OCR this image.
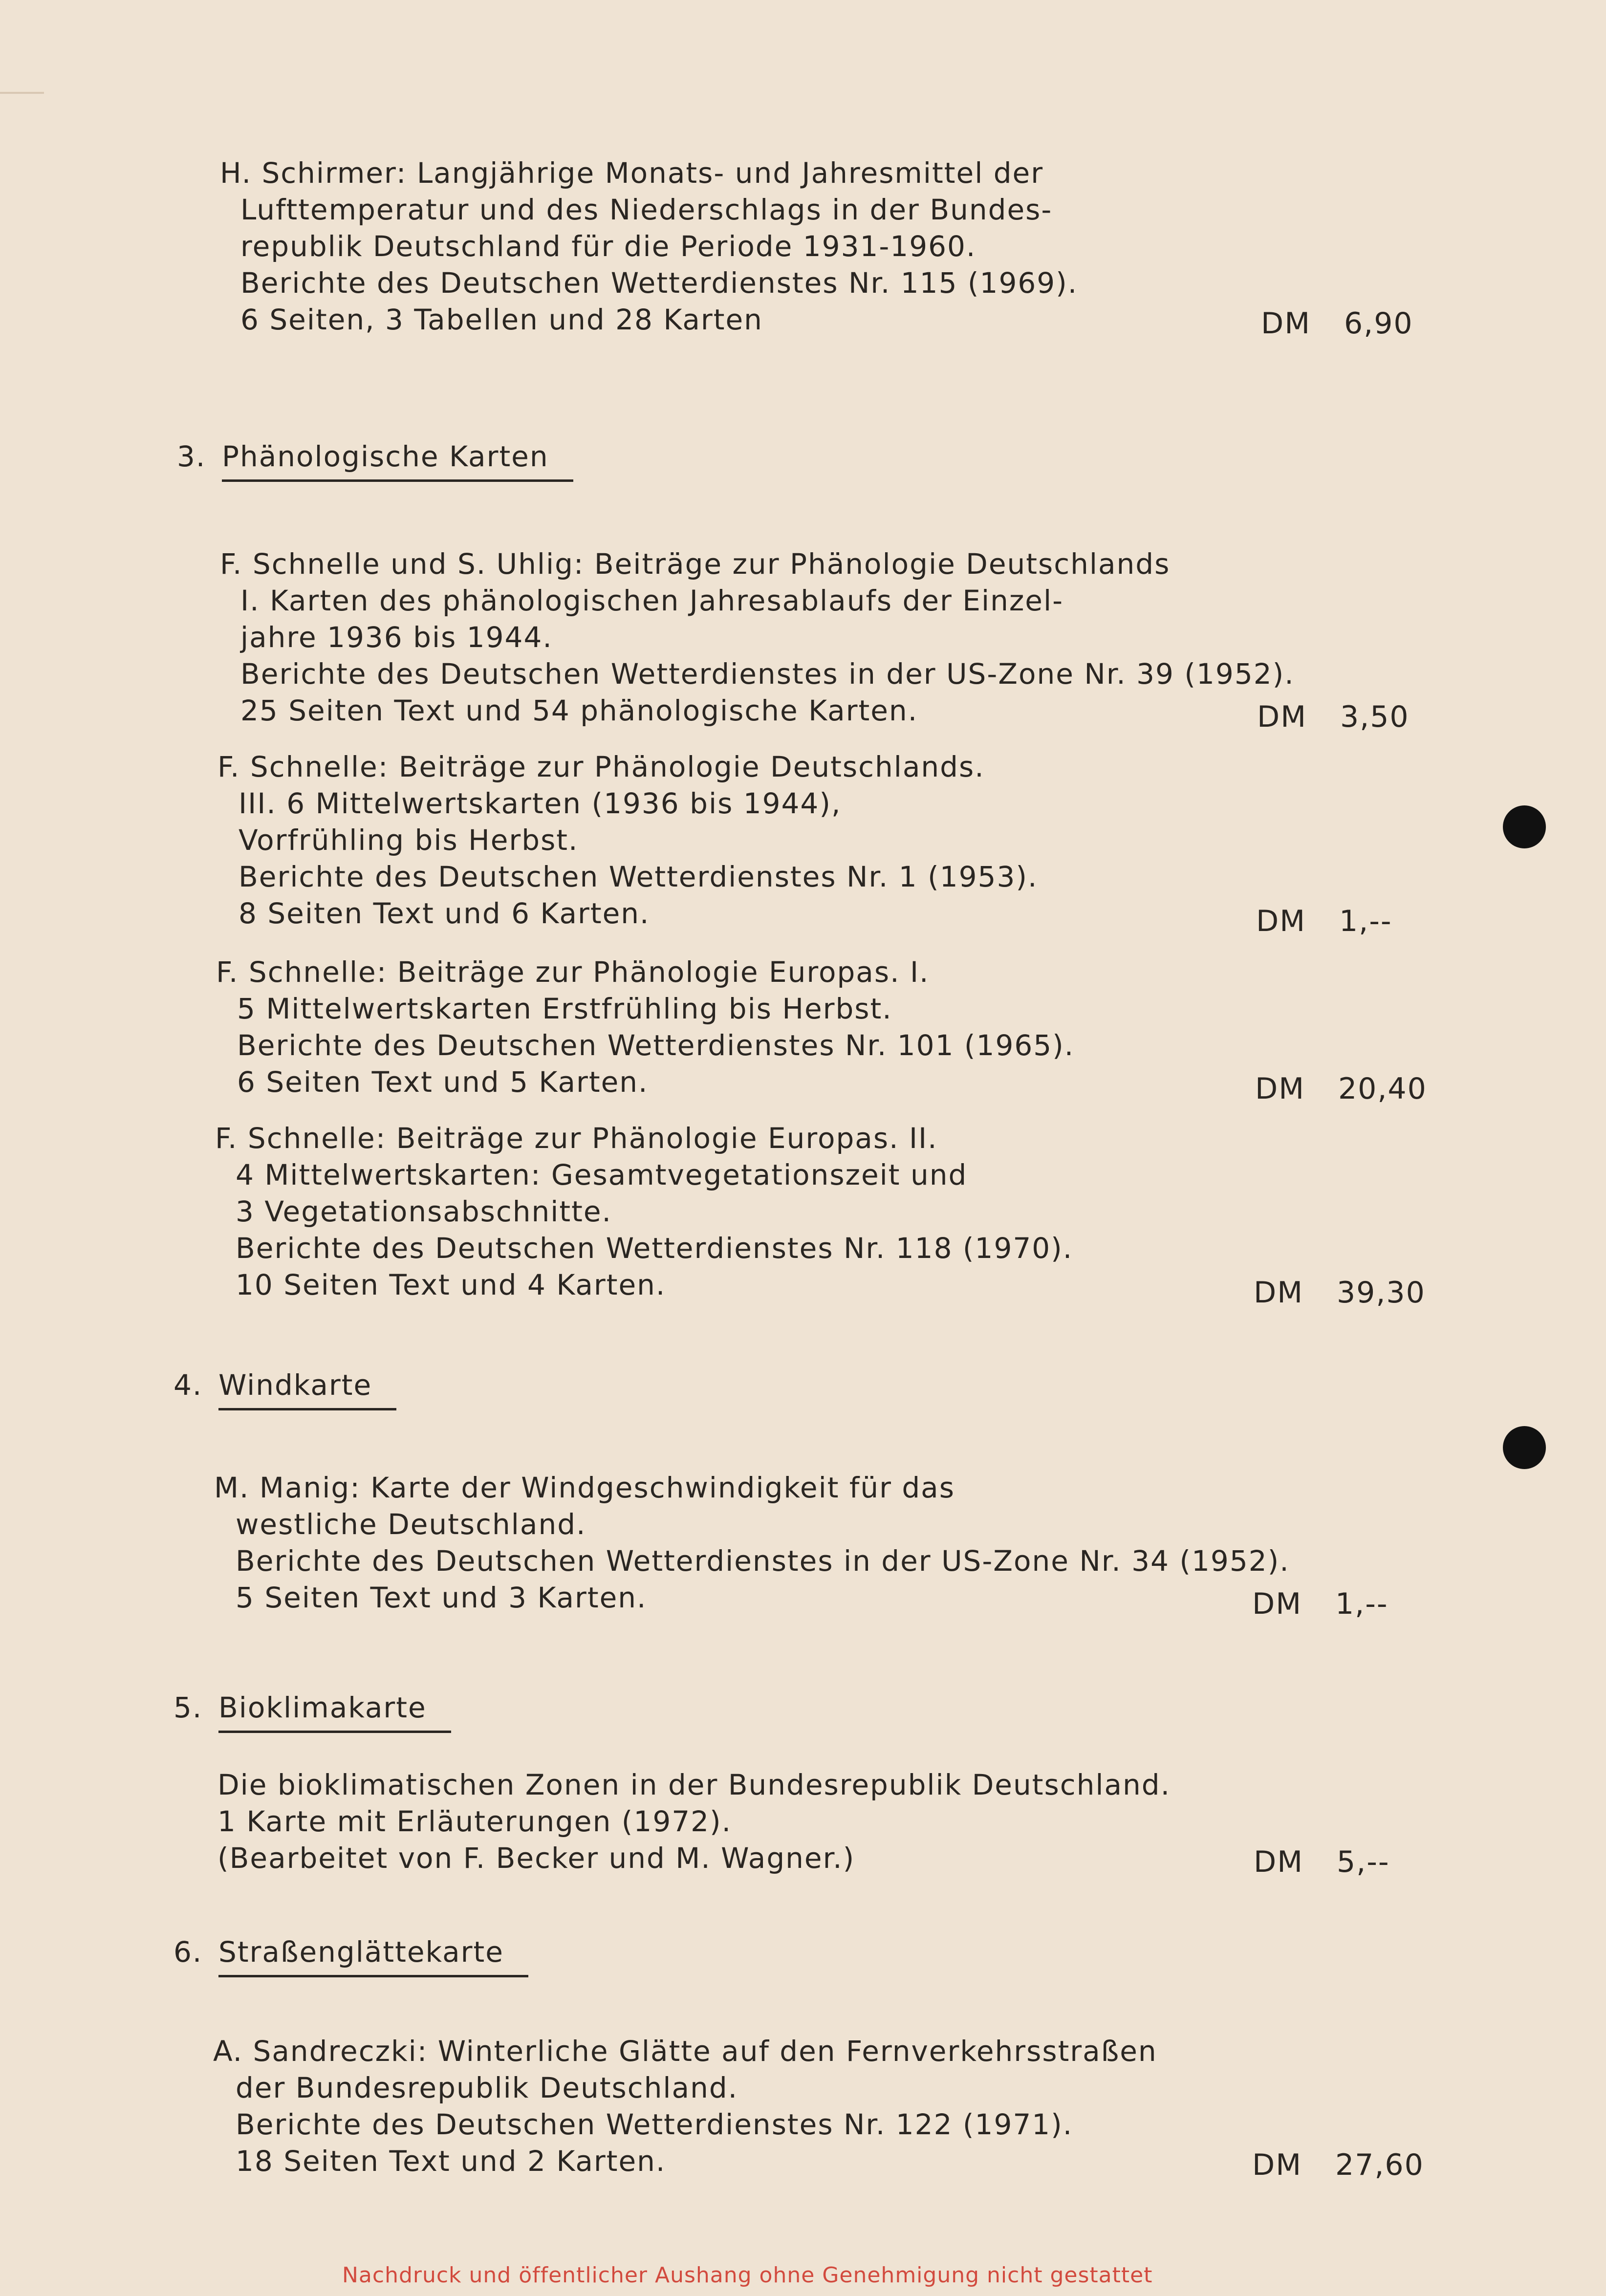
H. Schirmer: Langjährige Monats- und Jahresmittel der
Lufttemperatur und des Niederschlags in der Bundes-
republik Deutschland für die Periode 1931-1960.
Berichte des Deutschen Wetterdienstes Nr. 115 (1969).
6 Seiten, 3 Tabellen und 28 Karten	DM 6,90
3. Phänologische Karten
F. Schnelle und S. Uhlig: Beiträge zur Phänologie Deutschlands
I. Karten des phänologischen Jahresablaufs der Einzel-
jahre 1936 bis 1944.
Berichte des Deutschen Wetterdienstes in der US-Zone Nr. 39 (1952).
25 Seiten Text und 54 phänologische Karten.	DM 3,50
F. Schnelle: Beiträge zur Phänologie Deutschlands.
III. 6 Mittelwertskarten (1936 bis 1944),
Vorfrühling bis Herbst.
Berichte des Deutschen Wetterdienstes Nr. 1 (1953).
8 Seiten Text und 6 Karten.	DM 1,--
F. Schnelle: Beiträge zur Phänologie Europas. I.
5 Mittelwertskarten Erstfrühling bis Herbst.
Berichte des Deutschen Wetterdienstes Nr. 101 (1965).
6 Seiten Text und 5 Karten.	DM 20,40
F. Schnelle: Beiträge zur Phänologie Europas. II.
4 Mittelwertskarten: Gesamtvegetationszeit und
3 Vegetationsabschnitte.
Berichte des Deutschen Wetterdienstes Nr. 118 (1970).
10 Seiten Text und 4 Karten.	DM 39,30
4. Windkarte
M. Manig: Karte der Windgeschwindigkeit für das
westliche Deutschland.
Berichte des Deutschen Wetterdienstes in der US-Zone Nr. 34 (1952).
5 Seiten Text und 3 Karten.	DM 1,--
5. Bioklimakarte
Die bioklimatischen Zonen in der Bundesrepublik Deutschland.
1 Karte mit Erläuterungen (1972).
(Bearbeitet von F. Becker und M. Wagner.)	DM 5,--
6. Straßenglättekarte
A. Sandreczki: Winterliche Glätte auf den Fernverkehrsstraßen
der Bundesrepublik Deutschland.
Berichte des Deutschen Wetterdienstes Nr. 122 (1971).
18 Seiten Text und 2 Karten.	DM 27,60
Nachdruck und öffentlicher Aushang ohne Genehmigung nicht gestattet
